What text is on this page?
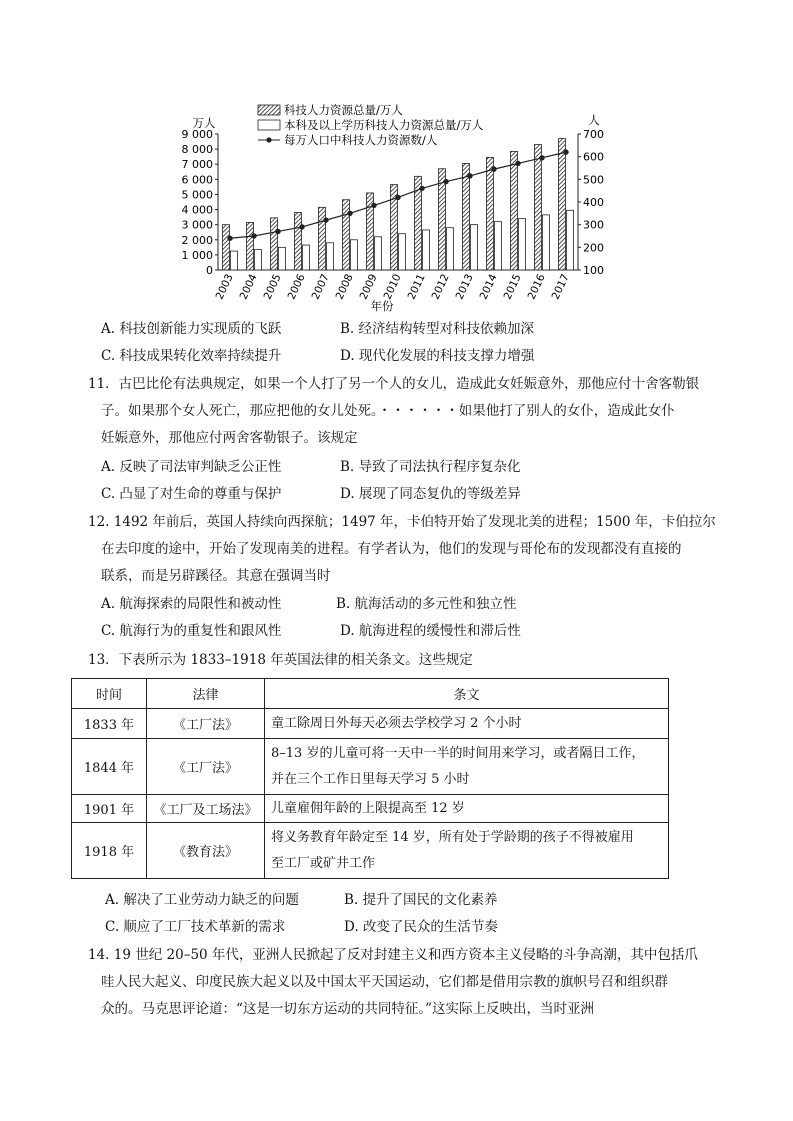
科技人力资源总量/万人
本科及以上学历科技人力资源总量/万人
每万人口中科技人力资源数/人
万人	人
0
1 000
2 000
3 000
4 000
5 000
6 000
7 000
8 000
9 000
100
200
300
400
500
600
700
2003 2004 2005 2006 2007 2008 2009 2010 2011 2012 2013 2014 2015 2016 2017
年份
A. 科技创新能力实现质的飞跃	B. 经济结构转型对科技依赖加深
C. 科技成果转化效率持续提升	D. 现代化发展的科技支撑力增强
11．古巴比伦有法典规定，如果一个人打了另一个人的女儿，造成此女妊娠意外，那他应付十舍客勒银
子。如果那个女人死亡，那应把他的女儿处死。・・・・・・如果他打了别人的女仆，造成此女仆
妊娠意外，那他应付两舍客勒银子。该规定
A. 反映了司法审判缺乏公正性	B. 导致了司法执行程序复杂化
C. 凸显了对生命的尊重与保护	D. 展现了同态复仇的等级差异
12. 1492 年前后，英国人持续向西探航；1497 年，卡伯特开始了发现北美的进程；1500 年，卡伯拉尔
在去印度的途中，开始了发现南美的进程。有学者认为，他们的发现与哥伦布的发现都没有直接的
联系，而是另辟蹊径。其意在强调当时
A. 航海探索的局限性和被动性	B. 航海活动的多元性和独立性
C. 航海行为的重复性和跟风性	D. 航海进程的缓慢性和滞后性
13．下表所示为 1833–1918 年英国法律的相关条文。这些规定
时间	法律	条文
1833 年	《工厂法》	童工除周日外每天必须去学校学习 2 个小时
1844 年	《工厂法》	8–13 岁的儿童可将一天中一半的时间用来学习，或者隔日工作，
并在三个工作日里每天学习 5 小时

1901 年	《工厂及工场法》	儿童雇佣年龄的上限提高至 12 岁
1918 年	《教育法》	将义务教育年龄定至 14 岁，所有处于学龄期的孩子不得被雇用
至工厂或矿井工作
A. 解决了工业劳动力缺乏的问题	B. 提升了国民的文化素养
C. 顺应了工厂技术革新的需求	D. 改变了民众的生活节奏
14. 19 世纪 20–50 年代，亚洲人民掀起了反对封建主义和西方资本主义侵略的斗争高潮，其中包括爪
哇人民大起义、印度民族大起义以及中国太平天国运动，它们都是借用宗教的旗帜号召和组织群
众的。马克思评论道：“这是一切东方运动的共同特征。”这实际上反映出，当时亚洲
